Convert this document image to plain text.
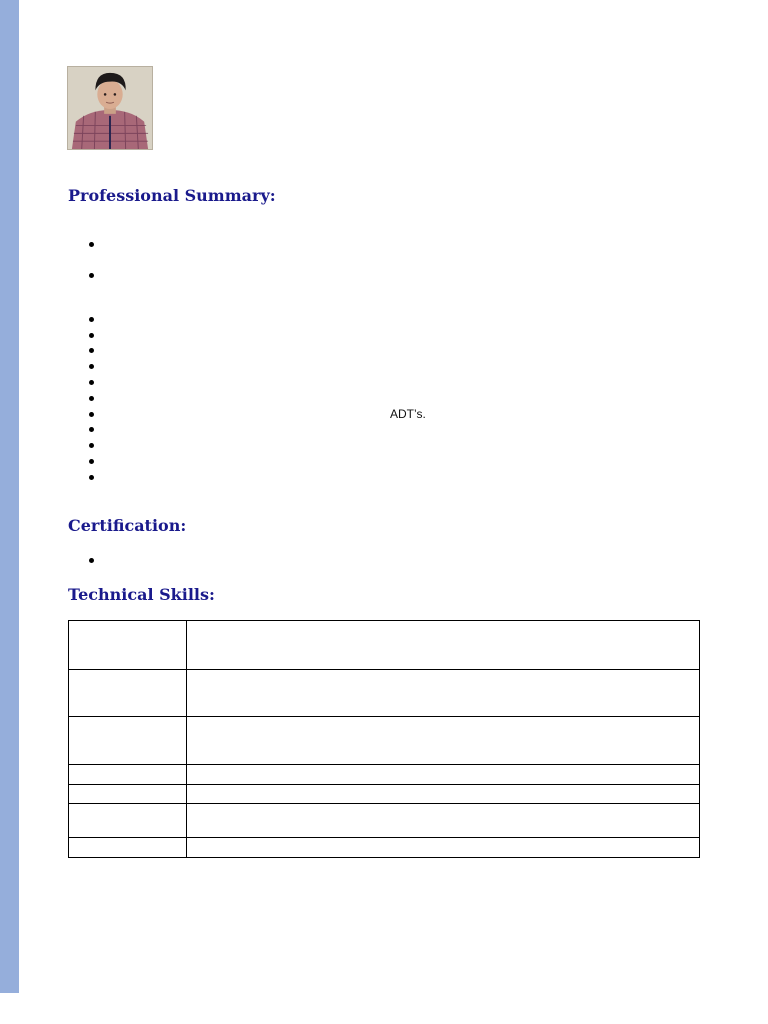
Professional Summary:
ADT’s.
Certification:
Technical Skills:
